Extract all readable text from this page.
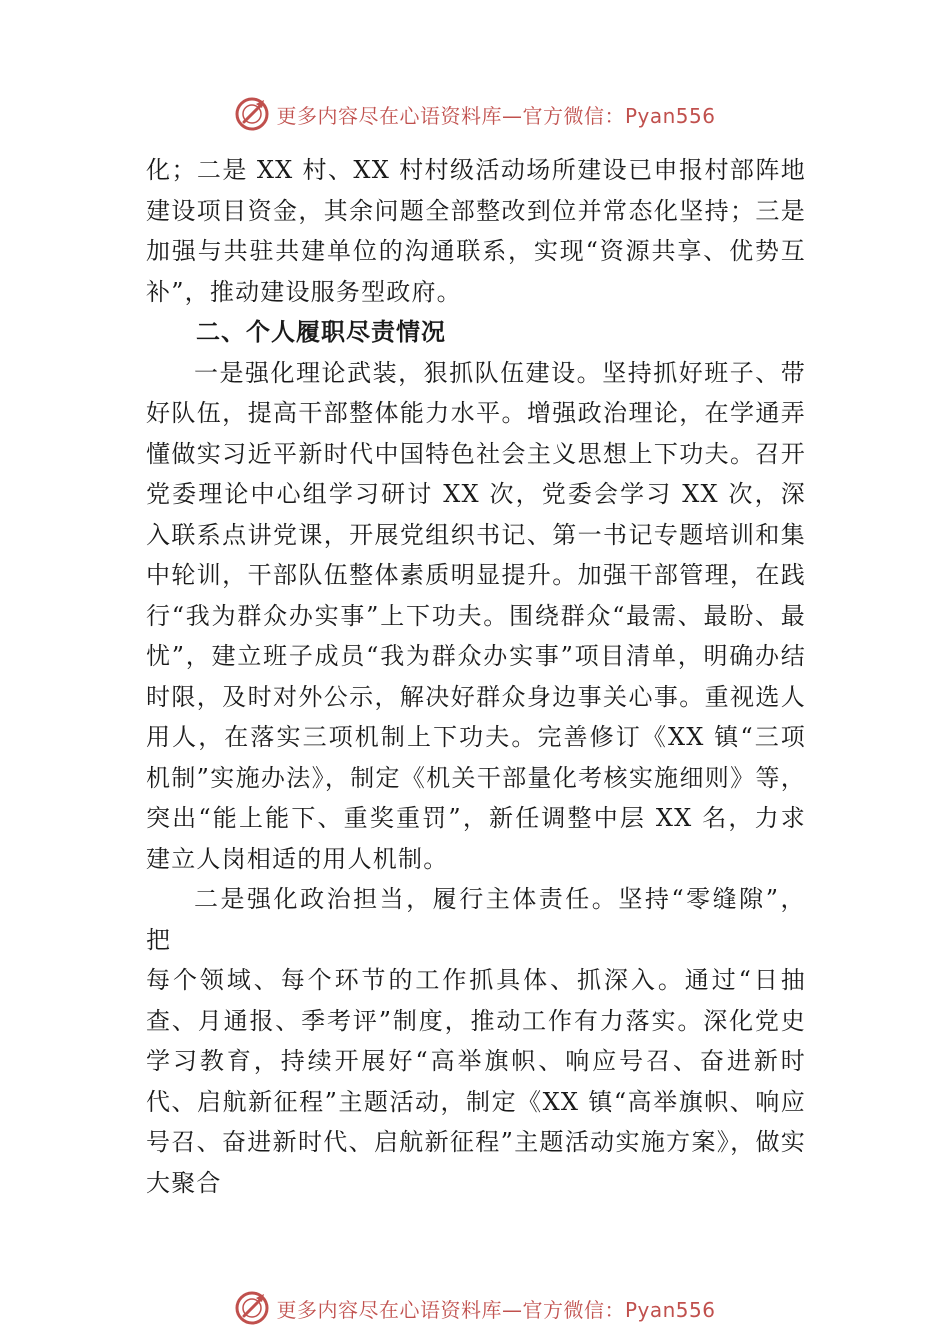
更多内容尽在心语资料库—官方微信：Pyan556

化；二是 XX 村、XX 村村级活动场所建设已申报村部阵地建设项目资金，其余问题全部整改到位并常态化坚持；三是加强与共驻共建单位的沟通联系，实现“资源共享、优势互补”，推动建设服务型政府。

二、个人履职尽责情况

一是强化理论武装，狠抓队伍建设。坚持抓好班子、带好队伍，提高干部整体能力水平。增强政治理论，在学通弄懂做实习近平新时代中国特色社会主义思想上下功夫。召开党委理论中心组学习研讨 XX 次，党委会学习 XX 次，深入联系点讲党课，开展党组织书记、第一书记专题培训和集中轮训，干部队伍整体素质明显提升。加强干部管理，在践行“我为群众办实事”上下功夫。围绕群众“最需、最盼、最忧”，建立班子成员“我为群众办实事”项目清单，明确办结时限，及时对外公示，解决好群众身边事关心事。重视选人用人，在落实三项机制上下功夫。完善修订《XX 镇“三项机制”实施办法》，制定《机关干部量化考核实施细则》等，突出“能上能下、重奖重罚”，新任调整中层 XX 名，力求建立人岗相适的用人机制。

二是强化政治担当，履行主体责任。坚持“零缝隙”，把

每个领域、每个环节的工作抓具体、抓深入。通过“日抽查、月通报、季考评”制度，推动工作有力落实。深化党史学习教育，持续开展好“高举旗帜、响应号召、奋进新时代、启航新征程”主题活动，制定《XX 镇“高举旗帜、响应号召、奋进新时代、启航新征程”主题活动实施方案》，做实大聚合

更多内容尽在心语资料库—官方微信：Pyan556
